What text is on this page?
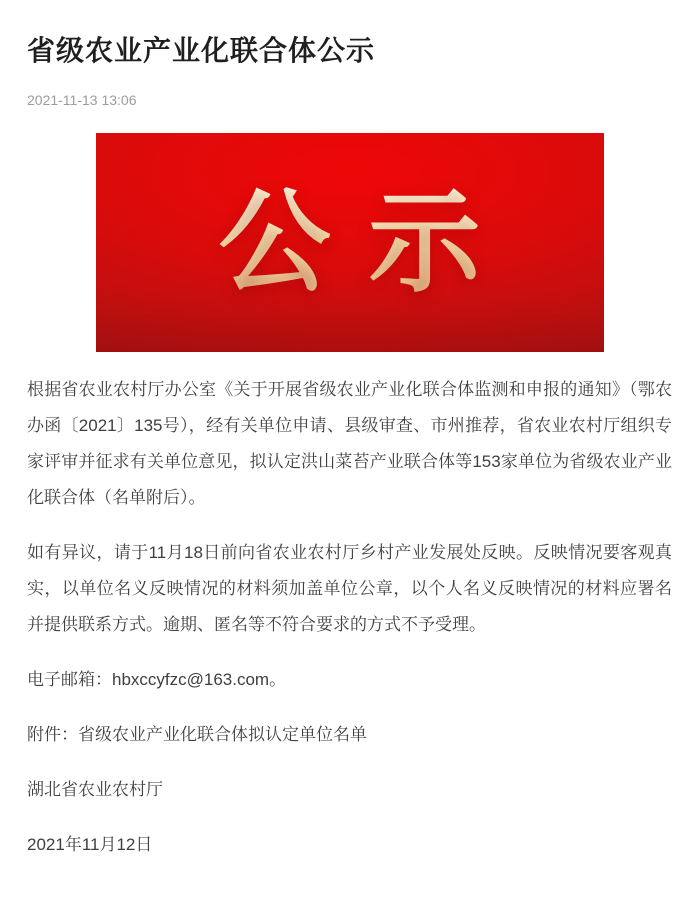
省级农业产业化联合体公示
2021-11-13 13:06
公示

根据省农业农村厅办公室《关于开展省级农业产业化联合体监测和申报的通知》（鄂农办函〔2021〕135号），经有关单位申请、县级审查、市州推荐，省农业农村厅组织专家评审并征求有关单位意见，拟认定洪山菜苔产业联合体等153家单位为省级农业产业化联合体（名单附后）。

如有异议，请于11月18日前向省农业农村厅乡村产业发展处反映。反映情况要客观真实，以单位名义反映情况的材料须加盖单位公章，以个人名义反映情况的材料应署名并提供联系方式。逾期、匿名等不符合要求的方式不予受理。

电子邮箱：hbxccyfzc@163.com。

附件：省级农业产业化联合体拟认定单位名单

湖北省农业农村厅

2021年11月12日
